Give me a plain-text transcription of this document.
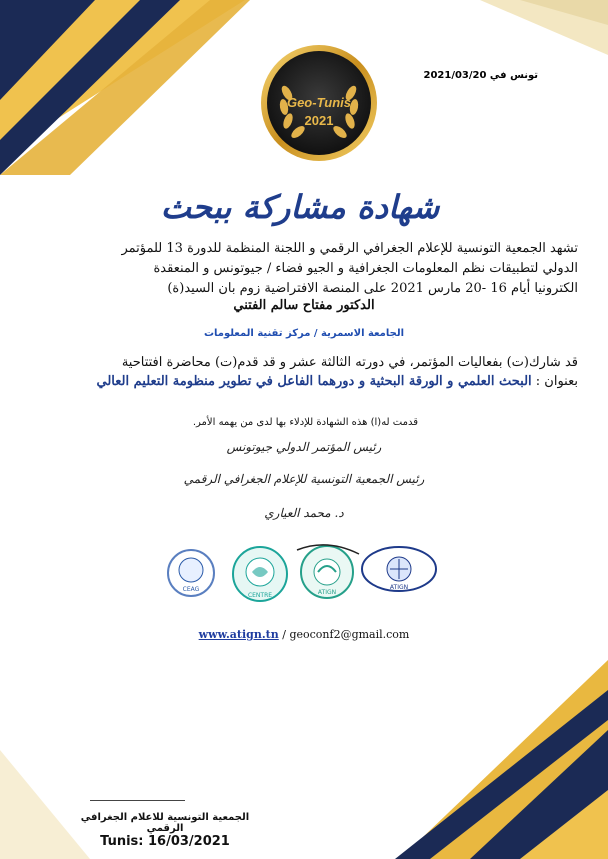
تونس في 2021/03/20
Geo-Tunis
2021
شهادة مشاركة ببحث
تشهد الجمعية التونسية للإعلام الجغرافي الرقمي و اللجنة المنظمة للدورة 13 للمؤتمر
الدولي لتطبيقات نظم المعلومات الجغرافية و الجيو فضاء / جيوتونس و المنعقدة
الكترونيا أيام 16 -20 مارس 2021 على المنصة الافتراضية زوم بان السيد(ة)
الدكتور مفتاح سالم الفتني
الجامعة الاسمرية / مركز تقنية المعلومات
قد شارك(ت) بفعاليات المؤتمر، في دورته الثالثة عشر و قد قدم(ت) محاضرة افتتاحية
بعنوان : البحث العلمي و الورقة البحثية و دورهما الفاعل في تطوير منظومة التعليم العالي
قدمت له(ا) هذه الشهادة للإدلاء بها لدى من يهمه الأمر.
رئيس المؤتمر الدولي جيوتونس
رئيس الجمعية التونسية للإعلام الجغرافي الرقمي
د. محمد العياري
CEAG
CENTRE	ATIGN
ATIGN
www.atign.tn / geoconf2@gmail.com
الجمعية التونسية للاعلام الجغرافي الرقمي
Tunis: 16/03/2021
